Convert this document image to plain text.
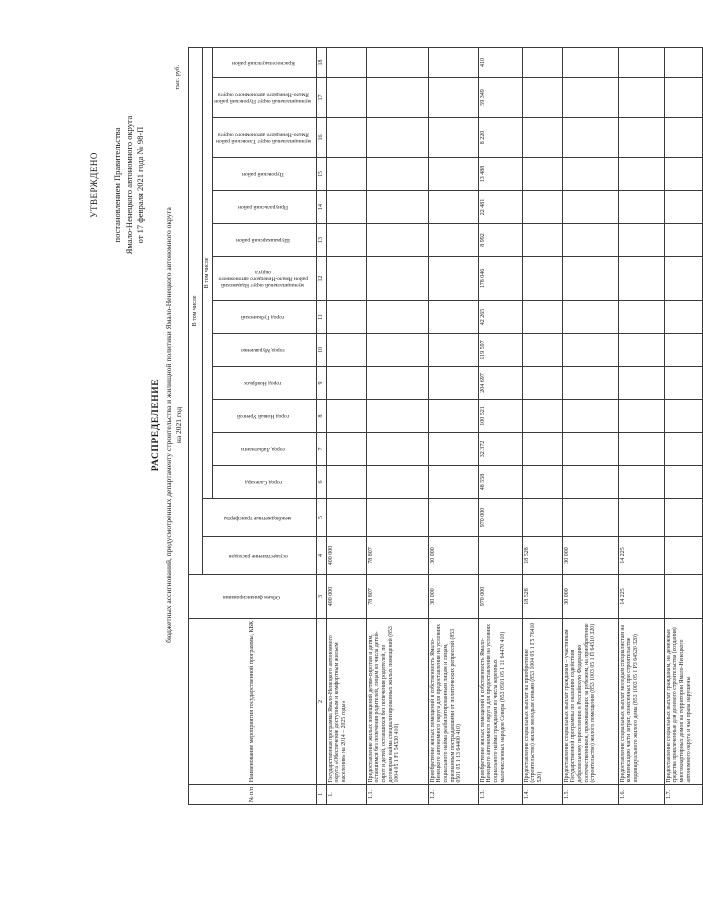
УТВЕРЖДЕНО постановлением Правительства Ямало-Ненецкого автономного округа от 17 февраля 2021 года № 98-П
РАСПРЕДЕЛЕНИЕ бюджетных ассигнований, предусмотренных департаменту строительства и жилищной политики Ямало-Ненецкого автономного округа на 2021 год
тыс. руб.
№ п/п	Наименование мероприятия государственной программы, КБК	Объем финансирования	В том числе														
			осуществление расходов	межбюджетные трансферты	В том числе												
					город Салехард	город Лабытнанги	город Новый Уренгой	город Ноябрьск	город Муравленко	город Губкинский	муниципальный округ Надымский район Ямало-Ненецкого автономного округа	Шурышкарский район	Приуральский район	Пуровский район	муниципальный округ Тазовский район Ямало-Ненецкого автономного округа	муниципальный округ Пуровский район Ямало-Ненецкого автономного округа	Красноселькупский район
1	2	3	4	5	6	7	8	9	10	11	12	13	14	15	16	17	18
1.	Государственная программа Ямало-Ненецкого автономного округа «Обеспечение доступным и комфортным жильем населения» на 2014 – 2025 годы»	400 000	400 000														
1.1.	Предоставление жилых помещений детям-сиротам и детям, оставшимся без попечения родителей, лицам из числа детей-сирот и детей, оставшихся без попечения родителей, по договорам найма специализированных жилых помещений (853 1004 05 1 F1 54530 410)	78 807	78 807														
1.2.	Приобретение жилых помещений в собственность Ямало-Ненецкого автономного округа для предоставления на условиях социального найма реабилитированным лицам и лицам, признанным пострадавшими от политических репрессий (853 0501 05 1 13 64400 410)	30 000	30 000														
1.3.	Приобретение жилых помещений в собственность Ямало-Ненецкого автономного округа для предоставления на условиях социального найма гражданам из числа коренных малочисленных народов Севера (853 0501 05 1 11 64470 410)	970 000		970 000	48 558	32 372	100 521	204 697	119 597	42 265	178 046	8 992	22 481	13 488	8 220	59 349	410
1.4.	Предоставление социальных выплат на приобретение (строительство) жилья молодым семьям (853 1004 05 1 Г5 76410 520)	18 528	18 528														
1.5.	Предоставление социальных выплат гражданам – участникам Государственной программы по оказанию содействия добровольному переселению в Российскую Федерацию соотечественников, проживающих за рубежом, на приобретение (строительство) жилого помещения (853 1003 05 1 П 64510 320)	30 000	30 000														
1.6.	Предоставление социальных выплат молодым специалистам на компенсацию части затрат, понесенных при строительстве индивидуального жилого дома (853 1003 05 1 Р3 64520 320)	14 225	14 225														
1.7.	Предоставление социальных выплат гражданам, на денежные средства привлеченные для долевого строительства (создания) многоквартирных домов на территории Ямало-Ненецкого автономного округа и чьи права нарушены																
